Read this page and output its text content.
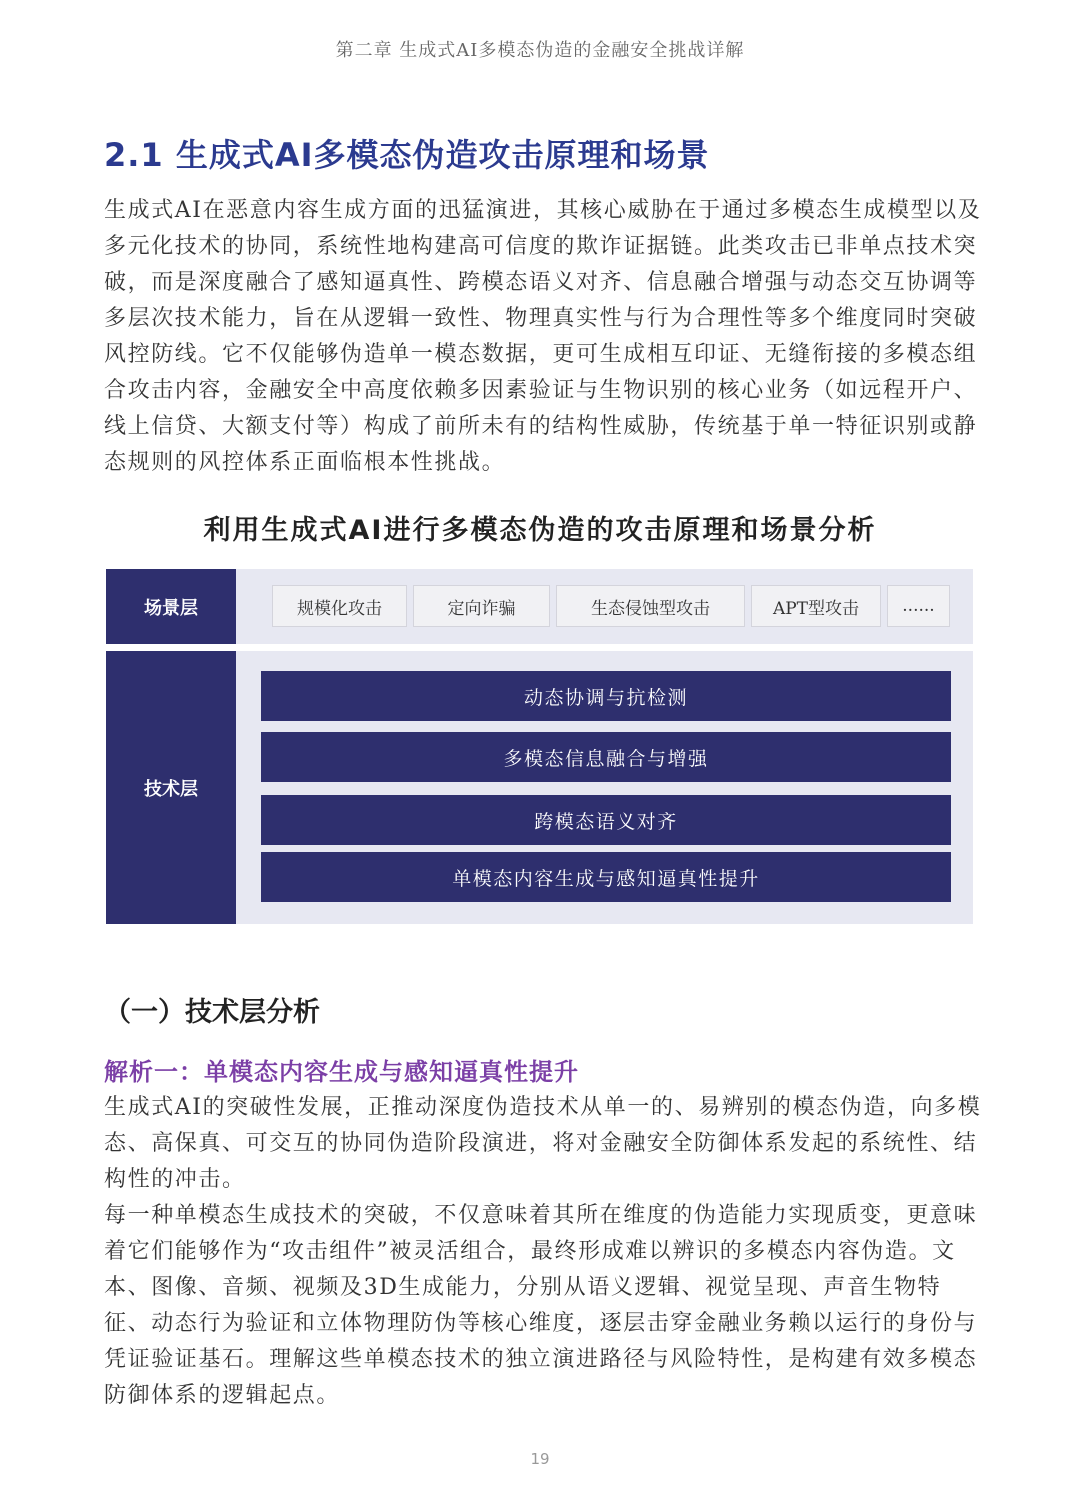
第二章 生成式AI多模态伪造的金融安全挑战详解
2.1 生成式AI多模态伪造攻击原理和场景

生成式AI在恶意内容生成方面的迅猛演进，其核心威胁在于通过多模态生成模型以及多元化技术的协同，系统性地构建高可信度的欺诈证据链。此类攻击已非单点技术突破，而是深度融合了感知逼真性、跨模态语义对齐、信息融合增强与动态交互协调等多层次技术能力，旨在从逻辑一致性、物理真实性与行为合理性等多个维度同时突破风控防线。它不仅能够伪造单一模态数据，更可生成相互印证、无缝衔接的多模态组合攻击内容，金融安全中高度依赖多因素验证与生物识别的核心业务（如远程开户、线上信贷、大额支付等）构成了前所未有的结构性威胁，传统基于单一特征识别或静态规则的风控体系正面临根本性挑战。

利用生成式AI进行多模态伪造的攻击原理和场景分析
场景层	规模化攻击	定向诈骗	生态侵蚀型攻击	APT型攻击	......
技术层
动态协调与抗检测
多模态信息融合与增强
跨模态语义对齐
单模态内容生成与感知逼真性提升
（一）技术层分析
解析一：单模态内容生成与感知逼真性提升

生成式AI的突破性发展，正推动深度伪造技术从单一的、易辨别的模态伪造，向多模态、高保真、可交互的协同伪造阶段演进，将对金融安全防御体系发起的系统性、结构性的冲击。

每一种单模态生成技术的突破，不仅意味着其所在维度的伪造能力实现质变，更意味着它们能够作为“攻击组件”被灵活组合，最终形成难以辨识的多模态内容伪造。文本、图像、音频、视频及3D生成能力，分别从语义逻辑、视觉呈现、声音生物特征、动态行为验证和立体物理防伪等核心维度，逐层击穿金融业务赖以运行的身份与凭证验证基石。理解这些单模态技术的独立演进路径与风险特性，是构建有效多模态防御体系的逻辑起点。

19
